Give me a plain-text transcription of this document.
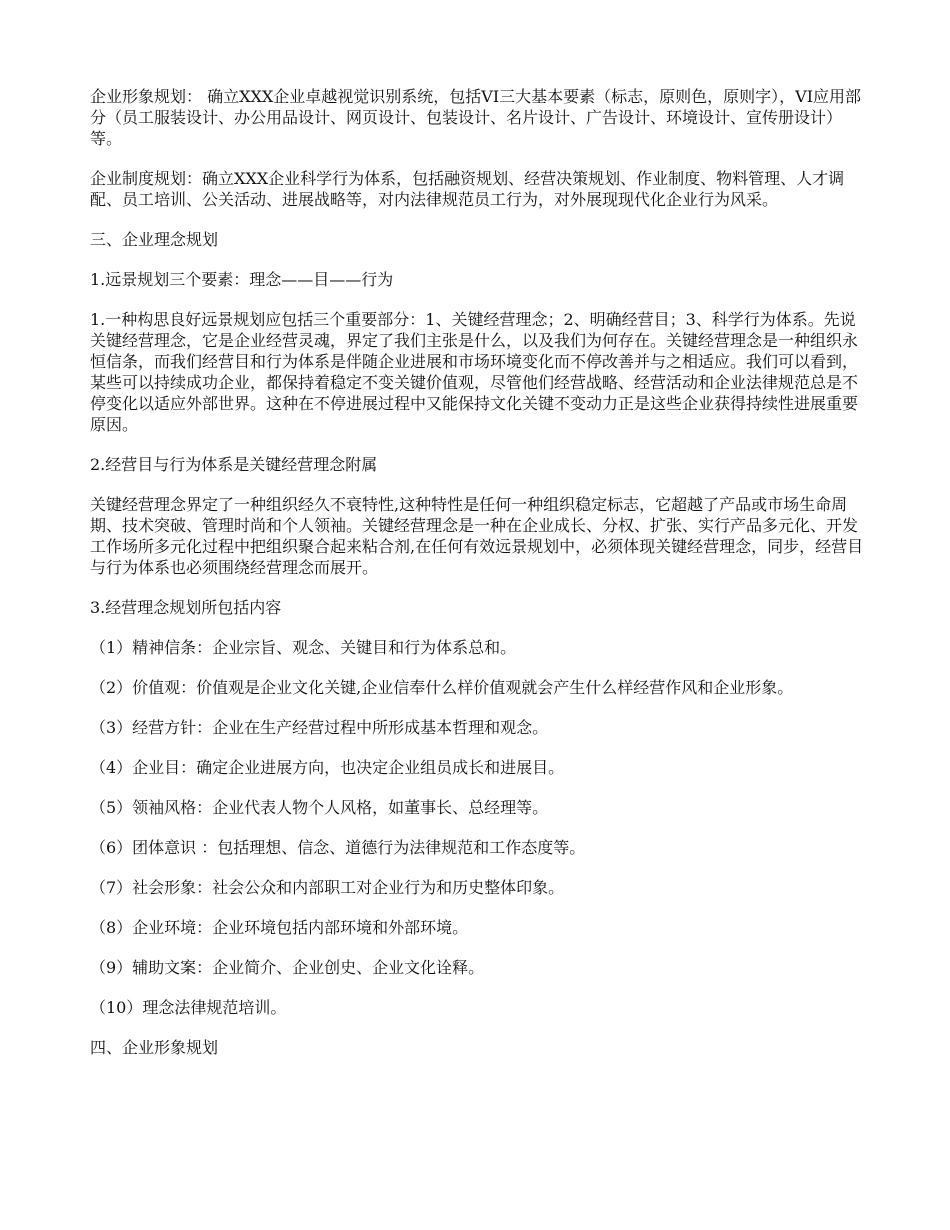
企业形象规划： 确立XXX企业卓越视觉识别系统，包括VI三大基本要素（标志，原则色，原则字），VI应用部分（员工服装设计、办公用品设计、网页设计、包装设计、名片设计、广告设计、环境设计、宣传册设计）等。

企业制度规划：确立XXX企业科学行为体系，包括融资规划、经营决策规划、作业制度、物料管理、人才调配、员工培训、公关活动、进展战略等，对内法律规范员工行为，对外展现现代化企业行为风采。

三、企业理念规划

1.远景规划三个要素：理念——目——行为

1.一种构思良好远景规划应包括三个重要部分：1、关键经营理念；2、明确经营目；3、科学行为体系。先说关键经营理念，它是企业经营灵魂，界定了我们主张是什么，以及我们为何存在。关键经营理念是一种组织永恒信条，而我们经营目和行为体系是伴随企业进展和市场环境变化而不停改善并与之相适应。我们可以看到，某些可以持续成功企业，都保持着稳定不变关键价值观，尽管他们经营战略、经营活动和企业法律规范总是不停变化以适应外部世界。这种在不停进展过程中又能保持文化关键不变动力正是这些企业获得持续性进展重要原因。

2.经营目与行为体系是关键经营理念附属

关键经营理念界定了一种组织经久不衰特性,这种特性是任何一种组织稳定标志，它超越了产品或市场生命周期、技术突破、管理时尚和个人领袖。关键经营理念是一种在企业成长、分权、扩张、实行产品多元化、开发工作场所多元化过程中把组织聚合起来粘合剂,在任何有效远景规划中，必须体现关键经营理念，同步，经营目与行为体系也必须围绕经营理念而展开。

3.经营理念规划所包括内容

（1）精神信条：企业宗旨、观念、关键目和行为体系总和。

（2）价值观：价值观是企业文化关键,企业信奉什么样价值观就会产生什么样经营作风和企业形象。

（3）经营方针：企业在生产经营过程中所形成基本哲理和观念。

（4）企业目：确定企业进展方向，也决定企业组员成长和进展目。

（5）领袖风格：企业代表人物个人风格，如董事长、总经理等。

（6）团体意识 ：包括理想、信念、道德行为法律规范和工作态度等。

（7）社会形象：社会公众和内部职工对企业行为和历史整体印象。

（8）企业环境：企业环境包括内部环境和外部环境。

（9）辅助文案：企业简介、企业创史、企业文化诠释。

（10）理念法律规范培训。

四、企业形象规划
